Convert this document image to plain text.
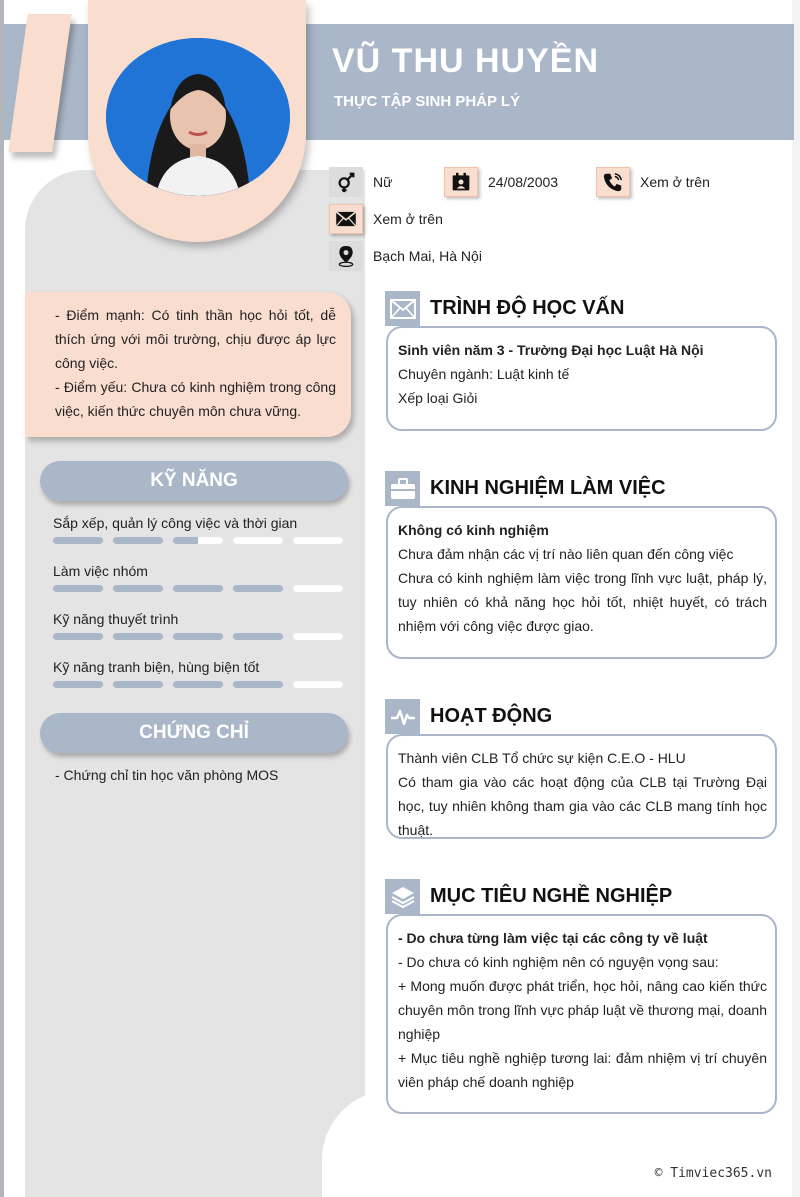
VŨ THU HUYỀN
THỰC TẬP SINH PHÁP LÝ
Nữ	24/08/2003	Xem ở trên
Xem ở trên
Bạch Mai, Hà Nội
- Điểm mạnh: Có tinh thần học hỏi tốt, dễ thích ứng với môi trường, chịu được áp lực công việc.
- Điểm yếu: Chưa có kinh nghiệm trong công việc, kiến thức chuyên môn chưa vững.
KỸ NĂNG
Sắp xếp, quản lý công việc và thời gian
Làm việc nhóm
Kỹ năng thuyết trình
Kỹ năng tranh biện, hùng biện tốt
CHỨNG CHỈ
- Chứng chỉ tin học văn phòng MOS
TRÌNH ĐỘ HỌC VẤN
Sinh viên năm 3 - Trường Đại học Luật Hà Nội
Chuyên ngành: Luật kinh tế
Xếp loại Giỏi
KINH NGHIỆM LÀM VIỆC
Không có kinh nghiệm
Chưa đảm nhận các vị trí nào liên quan đến công việc
Chưa có kinh nghiệm làm việc trong lĩnh vực luật, pháp lý, tuy nhiên có khả năng học hỏi tốt, nhiệt huyết, có trách nhiệm với công việc được giao.
HOẠT ĐỘNG
Thành viên CLB Tổ chức sự kiện C.E.O - HLU
Có tham gia vào các hoạt động của CLB tại Trường Đại học, tuy nhiên không tham gia vào các CLB mang tính học thuật.
MỤC TIÊU NGHỀ NGHIỆP
- Do chưa từng làm việc tại các công ty về luật
- Do chưa có kinh nghiệm nên có nguyện vọng sau:
+ Mong muốn được phát triển, học hỏi, nâng cao kiến thức chuyên môn trong lĩnh vực pháp luật về thương mại, doanh nghiệp
+ Mục tiêu nghề nghiệp tương lai: đảm nhiệm vị trí chuyên viên pháp chế doanh nghiệp
© Timviec365.vn
